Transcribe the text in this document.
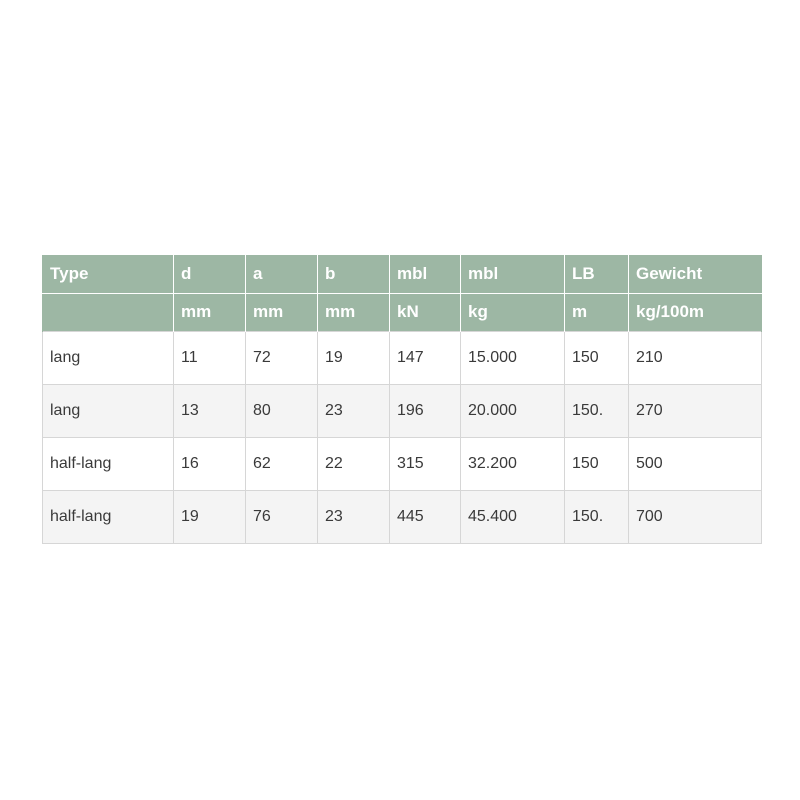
Type	d	a	b	mbl	mbl	LB	Gewicht
	mm	mm	mm	kN	kg	m	kg/100m
lang	11	72	19	147	15.000	150	210
lang	13	80	23	196	20.000	150.	270
half-lang	16	62	22	315	32.200	150	500
half-lang	19	76	23	445	45.400	150.	700
